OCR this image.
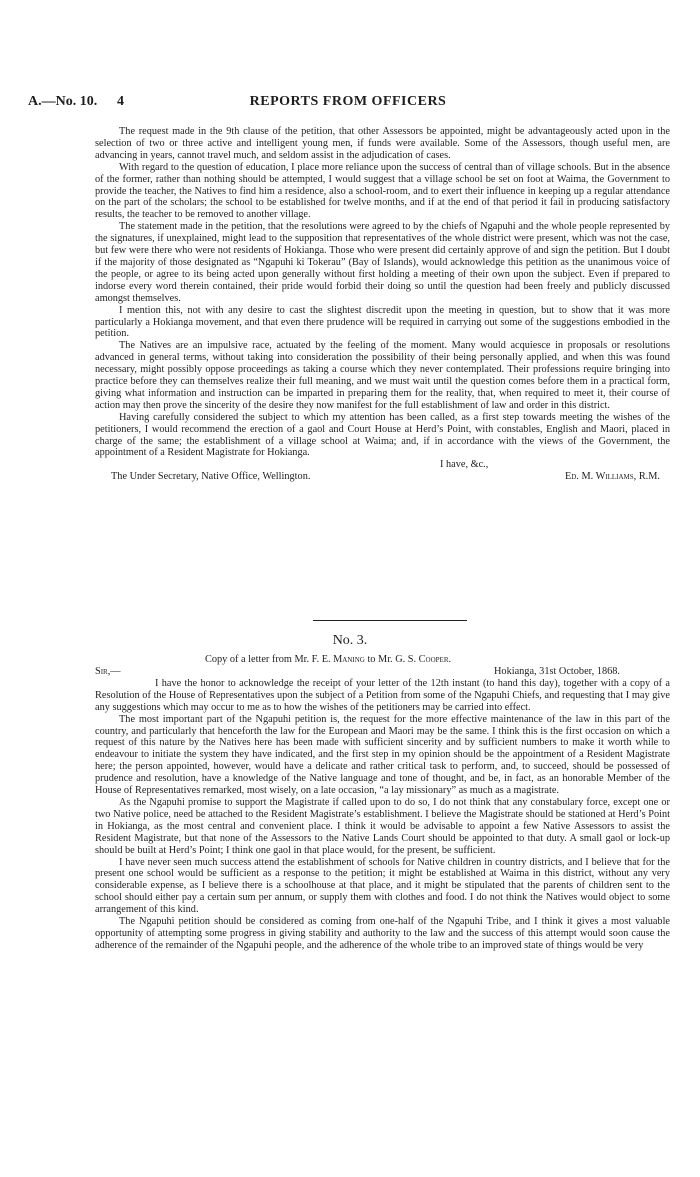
A.—No. 10. 4	REPORTS FROM OFFICERS

The request made in the 9th clause of the petition, that other Assessors be appointed, might be advantageously acted upon in the selection of two or three active and intelligent young men, if funds were available. Some of the Assessors, though useful men, are advancing in years, cannot travel much, and seldom assist in the adjudication of cases.

With regard to the question of education, I place more reliance upon the success of central than of village schools. But in the absence of the former, rather than nothing should be attempted, I would suggest that a village school be set on foot at Waima, the Government to provide the teacher, the Natives to find him a residence, also a school-room, and to exert their influence in keeping up a regular attendance on the part of the scholars; the school to be established for twelve months, and if at the end of that period it fail in producing satisfactory results, the teacher to be removed to another village.

The statement made in the petition, that the resolutions were agreed to by the chiefs of Ngapuhi and the whole people represented by the signatures, if unexplained, might lead to the supposition that representatives of the whole district were present, which was not the case, but few were there who were not residents of Hokianga. Those who were present did certainly approve of and sign the petition. But I doubt if the majority of those designated as “Ngapuhi ki Tokerau” (Bay of Islands), would acknowledge this petition as the unanimous voice of the people, or agree to its being acted upon generally without first holding a meeting of their own upon the subject. Even if prepared to indorse every word therein contained, their pride would forbid their doing so until the question had been freely and publicly discussed amongst themselves.

I mention this, not with any desire to cast the slightest discredit upon the meeting in question, but to show that it was more particularly a Hokianga movement, and that even there prudence will be required in carrying out some of the suggestions embodied in the petition.

The Natives are an impulsive race, actuated by the feeling of the moment. Many would acquiesce in proposals or resolutions advanced in general terms, without taking into consideration the possibility of their being personally applied, and when this was found necessary, might possibly oppose proceedings as taking a course which they never contemplated. Their professions require bringing into practice before they can themselves realize their full meaning, and we must wait until the question comes before them in a practical form, giving what information and instruction can be imparted in preparing them for the reality, that, when required to meet it, their course of action may then prove the sincerity of the desire they now manifest for the full establishment of law and order in this district.

Having carefully considered the subject to which my attention has been called, as a first step towards meeting the wishes of the petitioners, I would recommend the erection of a gaol and Court House at Herd’s Point, with constables, English and Maori, placed in charge of the same; the establishment of a village school at Waima; and, if in accordance with the views of the Government, the appointment of a Resident Magistrate for Hokianga.

I have, &c.,
The Under Secretary, Native Office, Wellington.	Ed. M. Williams, R.M.
No. 3.

Copy of a letter from Mr. F. E. Maning to Mr. G. S. Cooper.

Sir,—	Hokianga, 31st October, 1868.

I have the honor to acknowledge the receipt of your letter of the 12th instant (to hand this day), together with a copy of a Resolution of the House of Representatives upon the subject of a Petition from some of the Ngapuhi Chiefs, and requesting that I may give any suggestions which may occur to me as to how the wishes of the petitioners may be carried into effect.

The most important part of the Ngapuhi petition is, the request for the more effective maintenance of the law in this part of the country, and particularly that henceforth the law for the European and Maori may be the same. I think this is the first occasion on which a request of this nature by the Natives here has been made with sufficient sincerity and by sufficient numbers to make it worth while to endeavour to initiate the system they have indicated, and the first step in my opinion should be the appointment of a Resident Magistrate here; the person appointed, however, would have a delicate and rather critical task to perform, and, to succeed, should be possessed of prudence and resolution, have a knowledge of the Native language and tone of thought, and be, in fact, as an honorable Member of the House of Representatives remarked, most wisely, on a late occasion, “a lay missionary” as much as a magistrate.

As the Ngapuhi promise to support the Magistrate if called upon to do so, I do not think that any constabulary force, except one or two Native police, need be attached to the Resident Magistrate’s establishment. I believe the Magistrate should be stationed at Herd’s Point in Hokianga, as the most central and convenient place. I think it would be advisable to appoint a few Native Assessors to assist the Resident Magistrate, but that none of the Assessors to the Native Lands Court should be appointed to that duty. A small gaol or lock-up should be built at Herd’s Point; I think one gaol in that place would, for the present, be sufficient.

I have never seen much success attend the establishment of schools for Native children in country districts, and I believe that for the present one school would be sufficient as a response to the petition; it might be established at Waima in this district, without any very considerable expense, as I believe there is a schoolhouse at that place, and it might be stipulated that the parents of children sent to the school should either pay a certain sum per annum, or supply them with clothes and food. I do not think the Natives would object to some arrangement of this kind.

The Ngapuhi petition should be considered as coming from one-half of the Ngapuhi Tribe, and I think it gives a most valuable opportunity of attempting some progress in giving stability and authority to the law and the success of this attempt would soon cause the adherence of the remainder of the Ngapuhi people, and the adherence of the whole tribe to an improved state of things would be very
